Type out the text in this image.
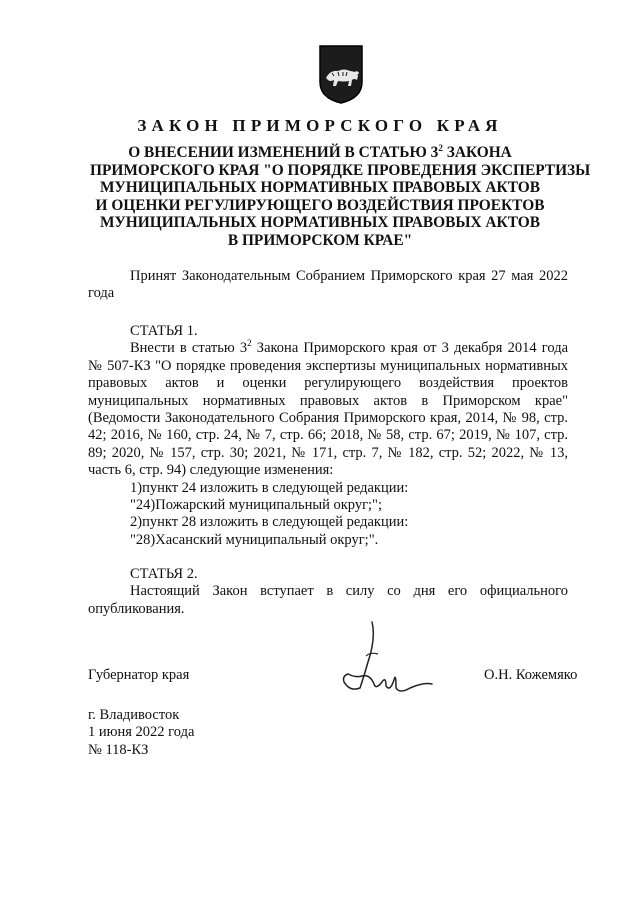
ЗАКОН ПРИМОРСКОГО КРАЯ
О ВНЕСЕНИИ ИЗМЕНЕНИЙ В СТАТЬЮ $3^2$ ЗАКОНА
ПРИМОРСКОГО КРАЯ "О ПОРЯДКЕ ПРОВЕДЕНИЯ ЭКСПЕРТИЗЫ
МУНИЦИПАЛЬНЫХ НОРМАТИВНЫХ ПРАВОВЫХ АКТОВ
И ОЦЕНКИ РЕГУЛИРУЮЩЕГО ВОЗДЕЙСТВИЯ ПРОЕКТОВ
МУНИЦИПАЛЬНЫХ НОРМАТИВНЫХ ПРАВОВЫХ АКТОВ
В ПРИМОРСКОМ КРАЕ"

Принят Законодательным Собранием Приморского края 27 мая 2022 года

СТАТЬЯ 1.

Внести в статью $3^2$ Закона Приморского края от 3 декабря 2014 года № 507-КЗ "О порядке проведения экспертизы муниципальных нормативных правовых актов и оценки регулирующего воздействия проектов муниципальных нормативных правовых актов в Приморском крае" (Ведомости Законодательного Собрания Приморского края, 2014, № 98, стр. 42; 2016, № 160, стр. 24, № 7, стр. 66; 2018, № 58, стр. 67; 2019, № 107, стр. 89; 2020, № 157, стр. 30; 2021, № 171, стр. 7, № 182, стр. 52; 2022, № 13, часть 6, стр. 94) следующие изменения:

1)пункт 24 изложить в следующей редакции:
"24)Пожарский муниципальный округ;";
2)пункт 28 изложить в следующей редакции:
"28)Хасанский муниципальный округ;".
СТАТЬЯ 2.

Настоящий Закон вступает в силу со дня его официального опубликования.

Губернатор края	О.Н. Кожемяко

г. Владивосток
1 июня 2022 года
№ 118-КЗ
